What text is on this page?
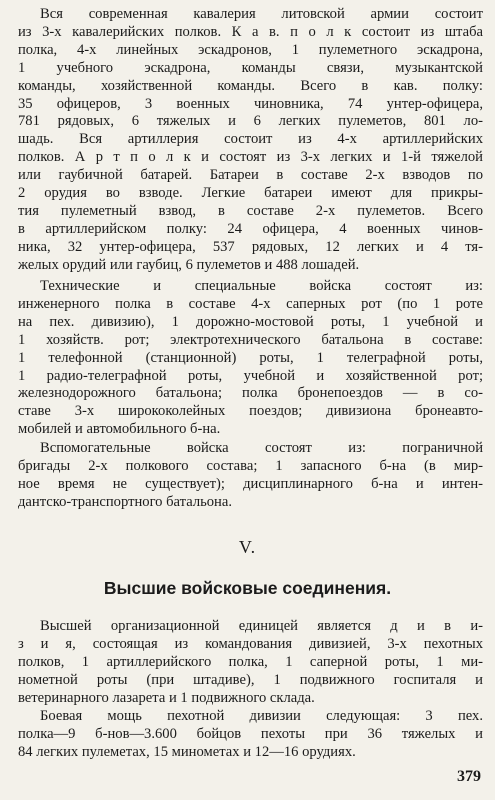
Вся современная кавалерия литовской армии состоит
из 3-х кавалерийских полков. К а в. п о л к состоит из штаба
полка, 4-х линейных эскадронов, 1 пулеметного эскадрона,
1 учебного эскадрона, команды связи, музыкантской
команды, хозяйственной команды. Всего в кав. полку:
35 офицеров, 3 военных чиновника, 74 унтер-офицера,
781 рядовых, 6 тяжелых и 6 легких пулеметов, 801 ло-
шадь. Вся артиллерия состоит из 4-х артиллерийских
полков. А р т п о л к и состоят из 3-х легких и 1-й тяжелой
или гаубичной батарей. Батареи в составе 2-х взводов по
2 орудия во взводе. Легкие батареи имеют для прикры-
тия пулеметный взвод, в составе 2-х пулеметов. Всего
в артиллерийском полку: 24 офицера, 4 военных чинов-
ника, 32 унтер-офицера, 537 рядовых, 12 легких и 4 тя-
желых орудий или гаубиц, 6 пулеметов и 488 лошадей.
Технические и специальные войска состоят из:
инженерного полка в составе 4-х саперных рот (по 1 роте
на пех. дивизию), 1 дорожно-мостовой роты, 1 учебной и
1 хозяйств. рот; электротехнического батальона в составе:
1 телефонной (станционной) роты, 1 телеграфной роты,
1 радио-телеграфной роты, учебной и хозяйственной рот;
железнодорожного батальона; полка бронепоездов — в со-
ставе 3-х ширококолейных поездов; дивизиона бронеавто-
мобилей и автомобильного б-на.
Вспомогательные войска состоят из: пограничной
бригады 2-х полкового состава; 1 запасного б-на (в мир-
ное время не существует); дисциплинарного б-на и интен-
дантско-транспортного батальона.
V.
Высшие войсковые соединения.
Высшей организационной единицей является д и в и-
з и я, состоящая из командования дивизией, 3-х пехотных
полков, 1 артиллерийского полка, 1 саперной роты, 1 ми-
нометной роты (при штадиве), 1 подвижного госпиталя и
ветеринарного лазарета и 1 подвижного склада.
Боевая мощь пехотной дивизии следующая: 3 пех.
полка—9 б-нов—3.600 бойцов пехоты при 36 тяжелых и
84 легких пулеметах, 15 минометах и 12—16 орудиях.
379
